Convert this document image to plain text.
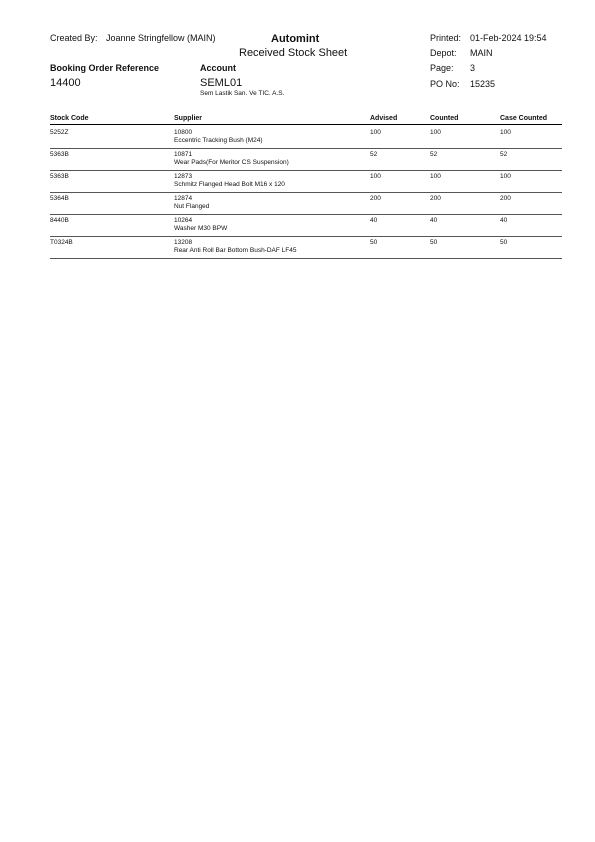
Created By: Joanne Stringfellow (MAIN)	Automint
Received Stock Sheet
Printed: 01-Feb-2024 19:54
Depot: MAIN
Page: 3
PO No: 15235
Booking Order Reference
14400
Account
SEML01
Sem Lastik San. Ve TIC. A.S.
Stock Code	Supplier	Advised	Counted	Case Counted
5252Z	10800
Eccentric Tracking Bush (M24)
100	100	100
5363B	10871
Wear Pads(For Meritor CS Suspension)
52	52	52
5363B	12873
Schmitz Flanged Head Bolt M16 x 120
100	100	100
5364B	12874
Nut Flanged
200	200	200
8440B	10264
Washer M30 BPW
40	40	40
T0324B	13208
Rear Anti Roll Bar Bottom Bush-DAF LF45
50	50	50
